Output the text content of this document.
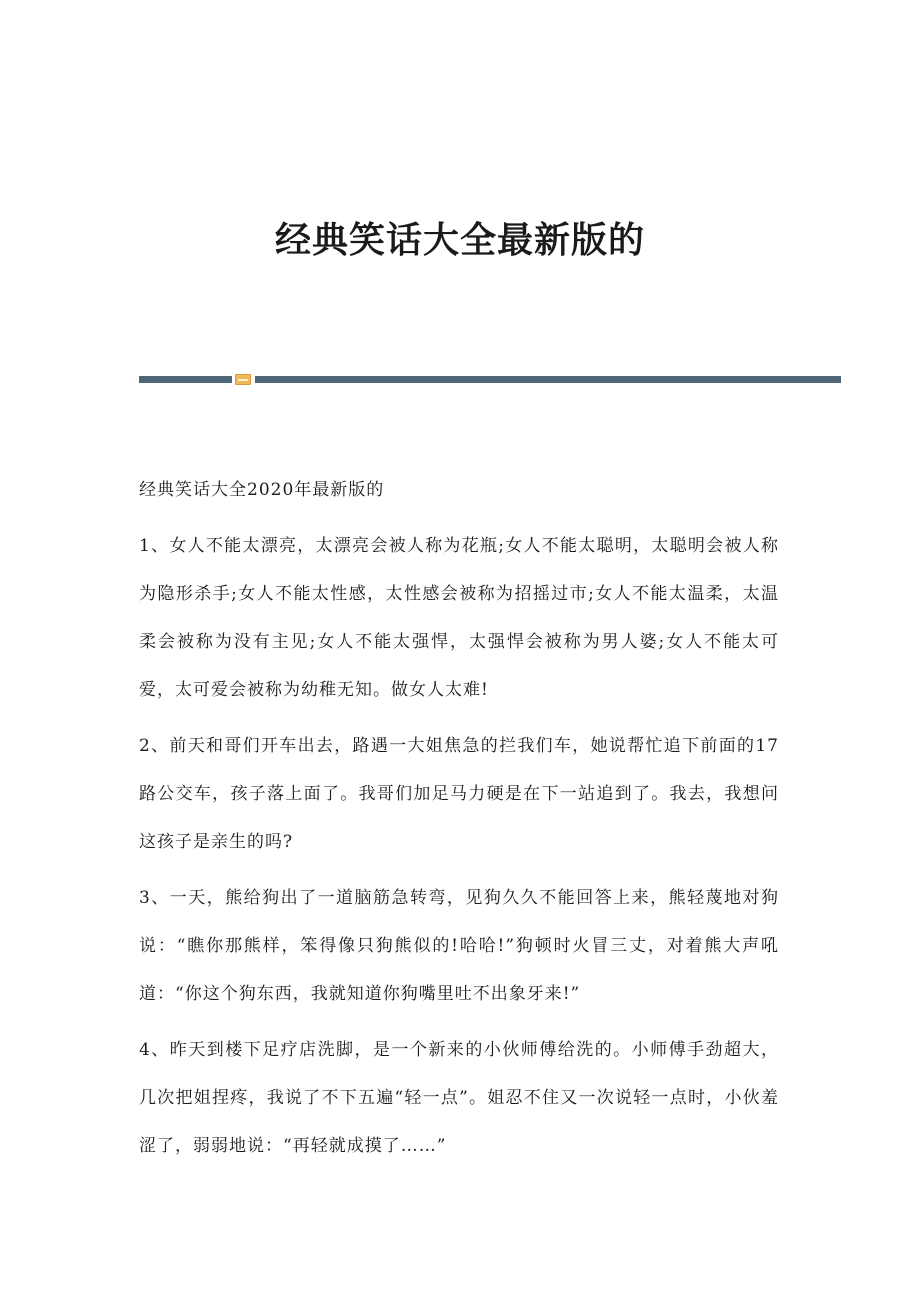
经典笑话大全最新版的

经典笑话大全2020年最新版的

1、女人不能太漂亮，太漂亮会被人称为花瓶;女人不能太聪明，太聪明会被人称为隐形杀手;女人不能太性感，太性感会被称为招摇过市;女人不能太温柔，太温柔会被称为没有主见;女人不能太强悍，太强悍会被称为男人婆;女人不能太可爱，太可爱会被称为幼稚无知。做女人太难!

2、前天和哥们开车出去，路遇一大姐焦急的拦我们车，她说帮忙追下前面的17路公交车，孩子落上面了。我哥们加足马力硬是在下一站追到了。我去，我想问这孩子是亲生的吗?

3、一天，熊给狗出了一道脑筋急转弯，见狗久久不能回答上来，熊轻蔑地对狗说：“瞧你那熊样，笨得像只狗熊似的!哈哈!”狗顿时火冒三丈，对着熊大声吼道：“你这个狗东西，我就知道你狗嘴里吐不出象牙来!”

4、昨天到楼下足疗店洗脚，是一个新来的小伙师傅给洗的。小师傅手劲超大，几次把姐捏疼，我说了不下五遍“轻一点”。姐忍不住又一次说轻一点时，小伙羞涩了，弱弱地说：“再轻就成摸了……”
